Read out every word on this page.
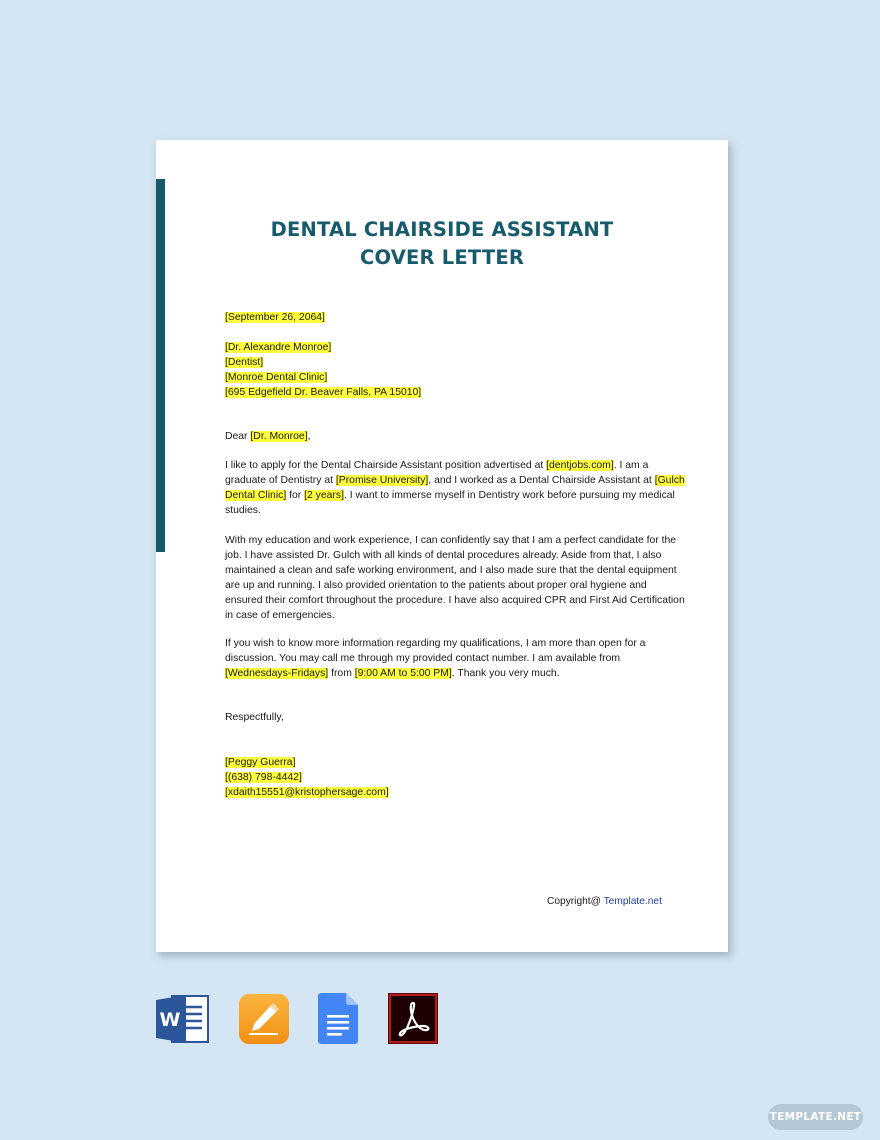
DENTAL CHAIRSIDE ASSISTANT
COVER LETTER
[September 26, 2064]
[Dr. Alexandre Monroe]
[Dentist]
[Monroe Dental Clinic]
[695 Edgefield Dr. Beaver Falls, PA 15010]
Dear [Dr. Monroe],
I like to apply for the Dental Chairside Assistant position advertised at [dentjobs.com]. I am a
graduate of Dentistry at [Promise University], and I worked as a Dental Chairside Assistant at [Gulch
Dental Clinic] for [2 years]. I want to immerse myself in Dentistry work before pursuing my medical
studies.
With my education and work experience, I can confidently say that I am a perfect candidate for the
job. I have assisted Dr. Gulch with all kinds of dental procedures already. Aside from that, I also
maintained a clean and safe working environment, and I also made sure that the dental equipment
are up and running. I also provided orientation to the patients about proper oral hygiene and
ensured their comfort throughout the procedure. I have also acquired CPR and First Aid Certification
in case of emergencies.
If you wish to know more information regarding my qualifications, I am more than open for a
discussion. You may call me through my provided contact number. I am available from
[Wednesdays-Fridays] from [9:00 AM to 5:00 PM]. Thank you very much.
Respectfully,
[Peggy Guerra]
[(638) 798-4442]
[xdaith15551@kristophersage.com]
Copyright@ Template.net
W
TEMPLATE.NET
